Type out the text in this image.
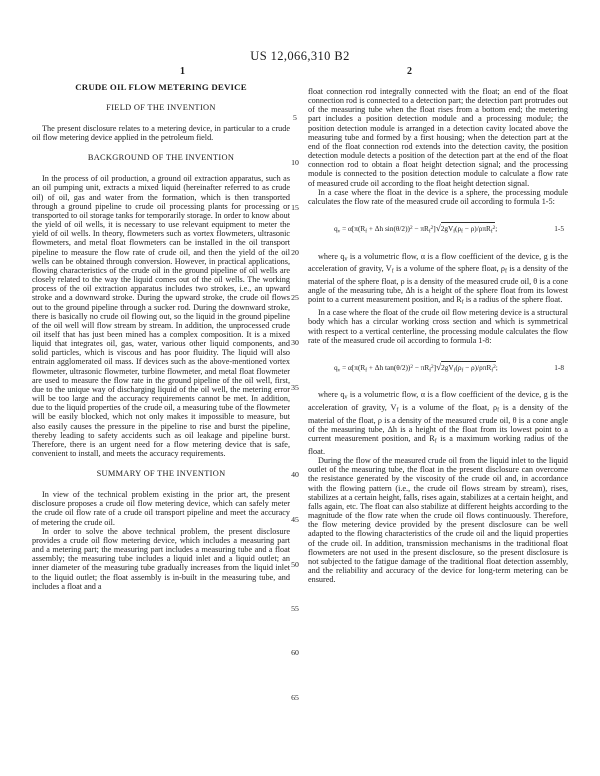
US 12,066,310 B2
1	2
5
10
15
20
25
30
35
40
45
50
55
60
65
CRUDE OIL FLOW METERING DEVICE
FIELD OF THE INVENTION

The present disclosure relates to a metering device, in particular to a crude oil flow metering device applied in the petroleum field.

BACKGROUND OF THE INVENTION

In the process of oil production, a ground oil extraction apparatus, such as an oil pumping unit, extracts a mixed liquid (hereinafter referred to as crude oil) of oil, gas and water from the formation, which is then transported through a ground pipeline to crude oil processing plants for processing or transported to oil storage tanks for temporarily storage. In order to know about the yield of oil wells, it is necessary to use relevant equipment to meter the yield of oil wells. In theory, flowmeters such as vortex flowmeters, ultrasonic flowmeters, and metal float flowmeters can be installed in the oil transport pipeline to measure the flow rate of crude oil, and then the yield of the oil wells can be obtained through conversion. However, in practical applications, flowing characteristics of the crude oil in the ground pipeline of oil wells are closely related to the way the liquid comes out of the oil wells. The working process of the oil extraction apparatus includes two strokes, i.e., an upward stroke and a downward stroke. During the upward stroke, the crude oil flows out to the ground pipeline through a sucker rod. During the downward stroke, there is basically no crude oil flowing out, so the liquid in the ground pipeline of the oil well will flow stream by stream. In addition, the unprocessed crude oil itself that has just been mined has a complex composition. It is a mixed liquid that integrates oil, gas, water, various other liquid components, and solid particles, which is viscous and has poor fluidity. The liquid will also entrain agglomerated oil mass. If devices such as the above-mentioned vortex flowmeter, ultrasonic flowmeter, turbine flowmeter, and metal float flowmeter are used to measure the flow rate in the ground pipeline of the oil well, first, due to the unique way of discharging liquid of the oil well, the metering error will be too large and the accuracy requirements cannot be met. In addition, due to the liquid properties of the crude oil, a measuring tube of the flowmeter will be easily blocked, which not only makes it impossible to measure, but also easily causes the pressure in the pipeline to rise and burst the pipeline, thereby leading to safety accidents such as oil leakage and pipeline burst. Therefore, there is an urgent need for a flow metering device that is safe, convenient to install, and meets the accuracy requirements.

SUMMARY OF THE INVENTION

In view of the technical problem existing in the prior art, the present disclosure proposes a crude oil flow metering device, which can safely meter the crude oil flow rate of a crude oil transport pipeline and meet the accuracy of metering the crude oil.

In order to solve the above technical problem, the present disclosure provides a crude oil flow metering device, which includes a measuring part and a metering part; the measuring part includes a measuring tube and a float assembly; the measuring tube includes a liquid inlet and a liquid outlet; an inner diameter of the measuring tube gradually increases from the liquid inlet to the liquid outlet; the float assembly is in-built in the measuring tube, and includes a float and a

float connection rod integrally connected with the float; an end of the float connection rod is connected to a detection part; the detection part protrudes out of the measuring tube when the float rises from a bottom end; the metering part includes a position detection module and a processing module; the position detection module is arranged in a detection cavity located above the measuring tube and formed by a first housing; when the detection part at the end of the float connection rod extends into the detection cavity, the position detection module detects a position of the detection part at the end of the float connection rod to obtain a float height detection signal; and the processing module is connected to the position detection module to calculate a flow rate of measured crude oil according to the float height detection signal.

In a case where the float in the device is a sphere, the processing module calculates the flow rate of the measured crude oil according to formula 1-5:

$q_v = \alpha[\pi(R_f + \Delta h$ $\sin(\theta/2))^2 - \pi R_f^2]√2gV_f(\rho_f - \rho)/\rho\pi R_f^2$;	1-5

where $q_v$ is a volumetric flow, α is a flow coefficient of the device, g is the acceleration of gravity, $V_f$ is a volume of the sphere float, $\rho_f$ is a density of the material of the sphere float, ρ is a density of the measured crude oil, θ is a cone angle of the measuring tube, Δh is a height of the sphere float from its lowest point to a current measurement position, and $R_f$ is a radius of the sphere float.

In a case where the float of the crude oil flow metering device is a structural body which has a circular working cross section and which is symmetrical with respect to a vertical centerline, the processing module calculates the flow rate of the measured crude oil according to formula 1-8:

$q_v = \alpha[\pi(R_f + \Delta h$ $\tan(\theta/2))^2 - \pi R_f^2]√2gV_f(\rho_f - \rho)/\rho\pi R_f^2$;	1-8

where $q_v$ is a volumetric flow, α is a flow coefficient of the device, g is the acceleration of gravity, $V_f$ is a volume of the float, $\rho_f$ is a density of the material of the float, ρ is a density of the measured crude oil, θ is a cone angle of the measuring tube, Δh is a height of the float from its lowest point to a current measurement position, and $R_f$ is a maximum working radius of the float.

During the flow of the measured crude oil from the liquid inlet to the liquid outlet of the measuring tube, the float in the present disclosure can overcome the resistance generated by the viscosity of the crude oil and, in accordance with the flowing pattern (i.e., the crude oil flows stream by stream), rises, stabilizes at a certain height, falls, rises again, stabilizes at a certain height, and falls again, etc. The float can also stabilize at different heights according to the magnitude of the flow rate when the crude oil flows continuously. Therefore, the flow metering device provided by the present disclosure can be well adapted to the flowing characteristics of the crude oil and the liquid properties of the crude oil. In addition, transmission mechanisms in the traditional float flowmeters are not used in the present disclosure, so the present disclosure is not subjected to the fatigue damage of the traditional float detection assembly, and the reliability and accuracy of the device for long-term metering can be ensured.
